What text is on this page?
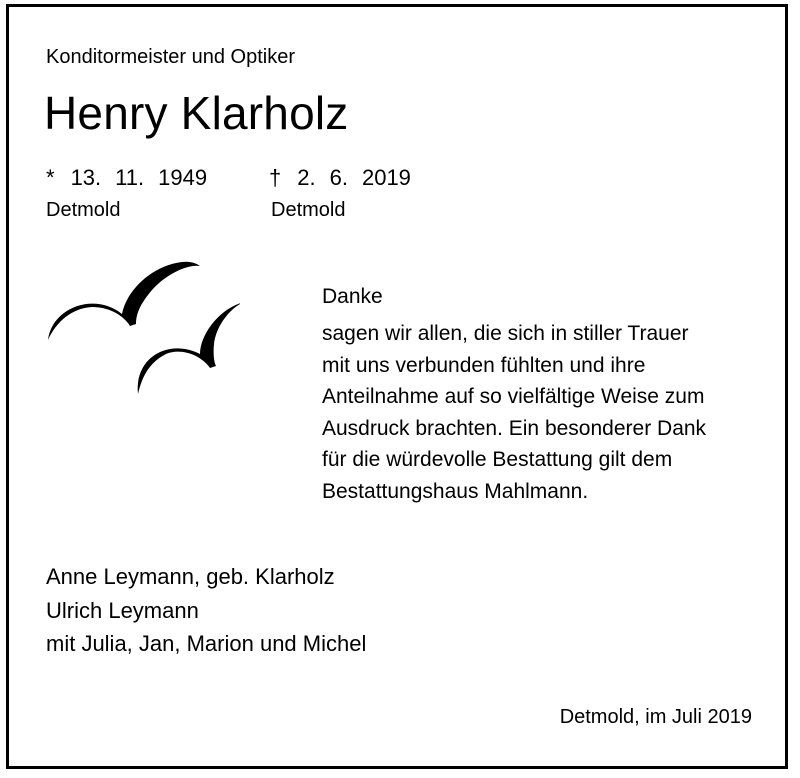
Konditormeister und Optiker
Henry Klarholz
* 13. 11. 1949
Detmold
† 2. 6. 2019
Detmold
Danke
sagen wir allen, die sich in stiller Trauer
mit uns verbunden fühlten und ihre
Anteilnahme auf so vielfältige Weise zum
Ausdruck brachten. Ein besonderer Dank
für die würdevolle Bestattung gilt dem
Bestattungshaus Mahlmann.
Anne Leymann, geb. Klarholz
Ulrich Leymann
mit Julia, Jan, Marion und Michel
Detmold, im Juli 2019
